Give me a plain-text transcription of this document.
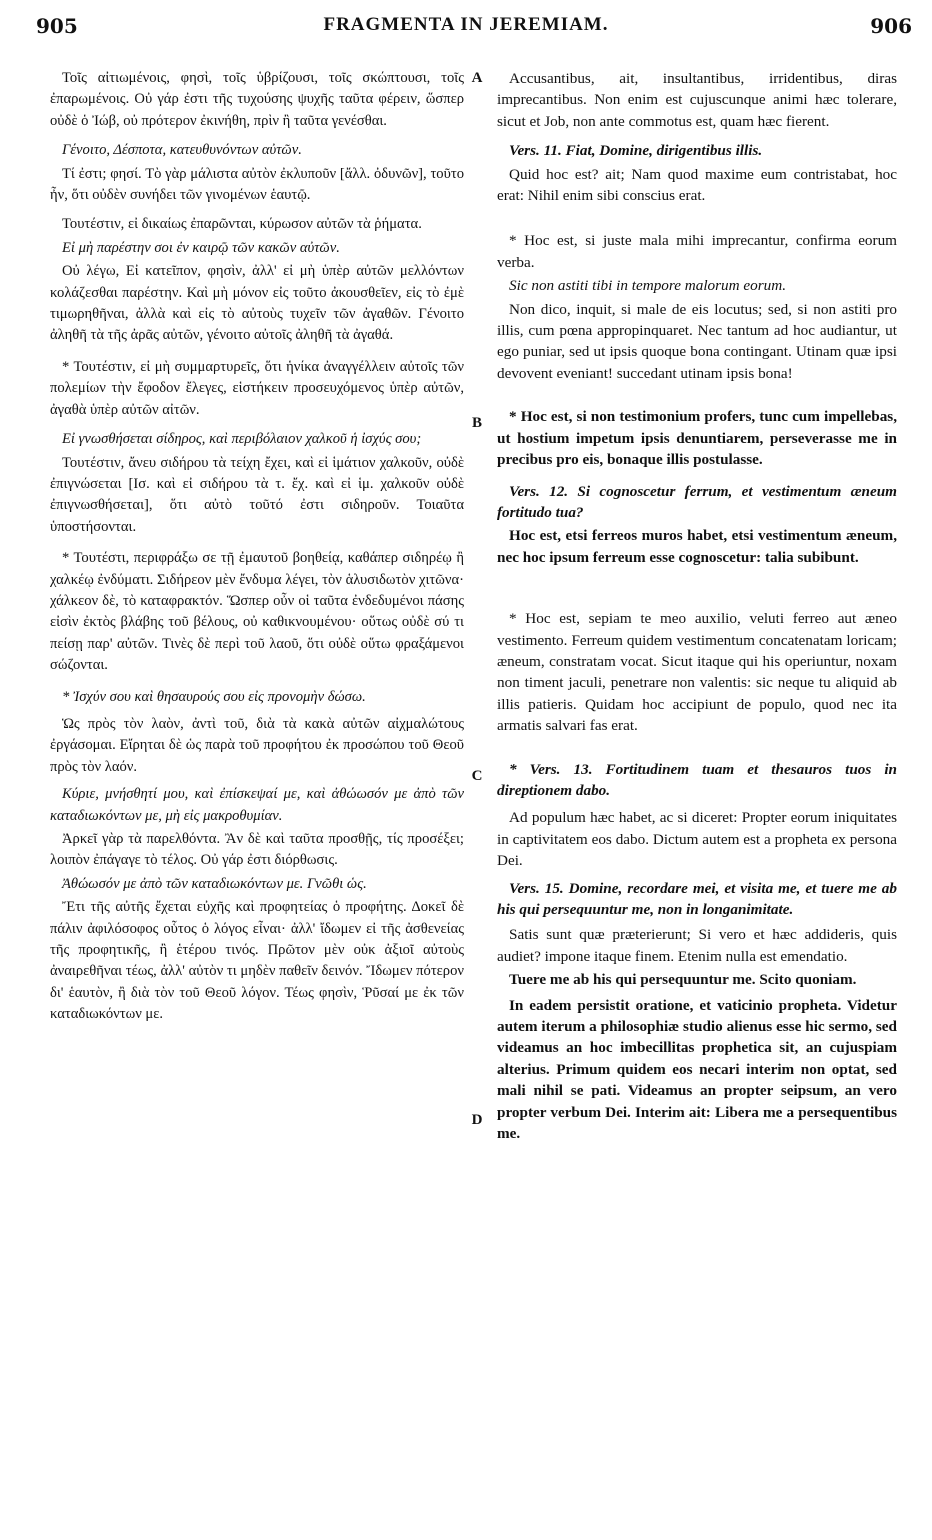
905	FRAGMENTA IN JEREMIAM.	906

Τοῖς αἰτιωμένοις, φησὶ, τοῖς ὑβρίζουσι, τοῖς σκώπτουσι, τοῖς ἐπαρωμένοις. Οὐ γάρ ἐστι τῆς τυχούσης ψυχῆς ταῦτα φέρειν, ὥσπερ οὐδὲ ὁ Ἰώβ, οὐ πρότερον ἐκινήθη, πρὶν ἢ ταῦτα γενέσθαι.

Γένοιτο, Δέσποτα, κατευθυνόντων αὐτῶν.

Τί ἐστι; φησί. Τὸ γὰρ μάλιστα αὐτὸν ἐκλυποῦν [ἄλλ. ὀδυνῶν], τοῦτο ἦν, ὅτι οὐδὲν συνήδει τῶν γινομένων ἑαυτῷ.

Τουτέστιν, εἰ δικαίως ἐπαρῶνται, κύρωσον αὐτῶν τὰ ῥήματα.

Εἰ μὴ παρέστην σοι ἐν καιρῷ τῶν κακῶν αὐτῶν.

Οὐ λέγω, Εἰ κατεῖπον, φησὶν, ἀλλ' εἰ μὴ ὑπὲρ αὐτῶν μελλόντων κολάζεσθαι παρέστην. Καὶ μὴ μόνον εἰς τοῦτο ἀκουσθεῖεν, εἰς τὸ ἐμὲ τιμωρηθῆναι, ἀλλὰ καὶ εἰς τὸ αὐτοὺς τυχεῖν τῶν ἀγαθῶν. Γένοιτο ἀληθῆ τὰ τῆς ἀρᾶς αὐτῶν, γένοιτο αὐτοῖς ἀληθῆ τὰ ἀγαθά.

* Τουτέστιν, εἰ μὴ συμμαρτυρεῖς, ὅτι ἡνίκα ἀναγγέλλειν αὐτοῖς τῶν πολεμίων τὴν ἔφοδον ἔλεγες, εἱστήκειν προσευχόμενος ὑπὲρ αὐτῶν, ἀγαθὰ ὑπὲρ αὐτῶν αἰτῶν.

Εἰ γνωσθήσεται σίδηρος, καὶ περιβόλαιον χαλκοῦ ἡ ἰσχύς σου;

Τουτέστιν, ἄνευ σιδήρου τὰ τείχη ἔχει, καὶ εἰ ἱμάτιον χαλκοῦν, οὐδὲ ἐπιγνώσεται [Ισ. καὶ εἰ σιδήρου τὰ τ. ἔχ. καὶ εἰ ἱμ. χαλκοῦν οὐδὲ ἐπιγνωσθήσεται], ὅτι αὐτὸ τοῦτό ἐστι σιδηροῦν. Τοιαῦτα ὑποστήσονται.

* Τουτέστι, περιφράξω σε τῇ ἐμαυτοῦ βοηθείᾳ, καθάπερ σιδηρέῳ ἢ χαλκέῳ ἐνδύματι. Σιδήρεον μὲν ἔνδυμα λέγει, τὸν ἁλυσιδωτὸν χιτῶνα· χάλκεον δὲ, τὸ καταφρακτόν. Ὥσπερ οὖν οἱ ταῦτα ἐνδεδυμένοι πάσης εἰσὶν ἐκτὸς βλάβης τοῦ βέλους, οὐ καθικνουμένου· οὕτως οὐδὲ σύ τι πείσῃ παρ' αὐτῶν. Τινὲς δὲ περὶ τοῦ λαοῦ, ὅτι οὐδὲ οὕτω φραξάμενοι σώζονται.

* Ἰσχύν σου καὶ θησαυρούς σου εἰς προνομὴν δώσω.

Ὡς πρὸς τὸν λαὸν, ἀντὶ τοῦ, διὰ τὰ κακὰ αὐτῶν αἰχμαλώτους ἐργάσομαι. Εἴρηται δὲ ὡς παρὰ τοῦ προφήτου ἐκ προσώπου τοῦ Θεοῦ πρὸς τὸν λαόν.

Κύριε, μνήσθητί μου, καὶ ἐπίσκεψαί με, καὶ ἀθώωσόν με ἀπὸ τῶν καταδιωκόντων με, μὴ εἰς μακροθυμίαν.

Ἀρκεῖ γὰρ τὰ παρελθόντα. Ἂν δὲ καὶ ταῦτα προσθῇς, τίς προσέξει; λοιπὸν ἐπάγαγε τὸ τέλος. Οὐ γάρ ἐστι διόρθωσις.

Ἀθώωσόν με ἀπὸ τῶν καταδιωκόντων με. Γνῶθι ὡς.

Ἔτι τῆς αὐτῆς ἔχεται εὐχῆς καὶ προφητείας ὁ προφήτης. Δοκεῖ δὲ πάλιν ἀφιλόσοφος οὗτος ὁ λόγος εἶναι· ἀλλ' ἴδωμεν εἰ τῆς ἀσθενείας τῆς προφητικῆς, ἢ ἑτέρου τινός. Πρῶτον μὲν οὐκ ἀξιοῖ αὐτοὺς ἀναιρεθῆναι τέως, ἀλλ' αὐτὸν τι μηδὲν παθεῖν δεινόν. Ἴδωμεν πότερον δι' ἑαυτὸν, ἢ διὰ τὸν τοῦ Θεοῦ λόγον. Τέως φησὶν, Ῥῦσαί με ἐκ τῶν καταδιωκόντων με.

A
B
C
D

Accusantibus, ait, insultantibus, irridentibus, diras imprecantibus. Non enim est cujuscunque animi hæc tolerare, sicut et Job, non ante commotus est, quam hæc fierent.

Vers. 11. Fiat, Domine, dirigentibus illis.

Quid hoc est? ait; Nam quod maxime eum contristabat, hoc erat: Nihil enim sibi conscius erat.

* Hoc est, si juste mala mihi imprecantur, confirma eorum verba.

Sic non astiti tibi in tempore malorum eorum.

Non dico, inquit, si male de eis locutus; sed, si non astiti pro illis, cum pœna appropinquaret. Nec tantum ad hoc audiantur, ut ego puniar, sed ut ipsis quoque bona contingant. Utinam quæ ipsi devovent eveniant! succedant utinam ipsis bona!

* Hoc est, si non testimonium profers, tunc cum impellebas, ut hostium impetum ipsis denuntiarem, perseverasse me in precibus pro eis, bonaque illis postulasse.

Vers. 12. Si cognoscetur ferrum, et vestimentum æneum fortitudo tua?

Hoc est, etsi ferreos muros habet, etsi vestimentum æneum, nec hoc ipsum ferreum esse cognoscetur: talia subibunt.

* Hoc est, sepiam te meo auxilio, veluti ferreo aut æneo vestimento. Ferreum quidem vestimentum concatenatam loricam; æneum, constratam vocat. Sicut itaque qui his operiuntur, noxam non timent jaculi, penetrare non valentis: sic neque tu aliquid ab illis patieris. Quidam hoc accipiunt de populo, quod nec ita armatis salvari fas erat.

* Vers. 13. Fortitudinem tuam et thesauros tuos in direptionem dabo.

Ad populum hæc habet, ac si diceret: Propter eorum iniquitates in captivitatem eos dabo. Dictum autem est a propheta ex persona Dei.

Vers. 15. Domine, recordare mei, et visita me, et tuere me ab his qui persequuntur me, non in longanimitate.

Satis sunt quæ præterierunt; Si vero et hæc addideris, quis audiet? impone itaque finem. Etenim nulla est emendatio.

Tuere me ab his qui persequuntur me. Scito quoniam.

In eadem persistit oratione, et vaticinio propheta. Videtur autem iterum a philosophiæ studio alienus esse hic sermo, sed videamus an hoc imbecillitas prophetica sit, an cujuspiam alterius. Primum quidem eos necari interim non optat, sed mali nihil se pati. Videamus an propter seipsum, an vero propter verbum Dei. Interim ait: Libera me a persequentibus me.
